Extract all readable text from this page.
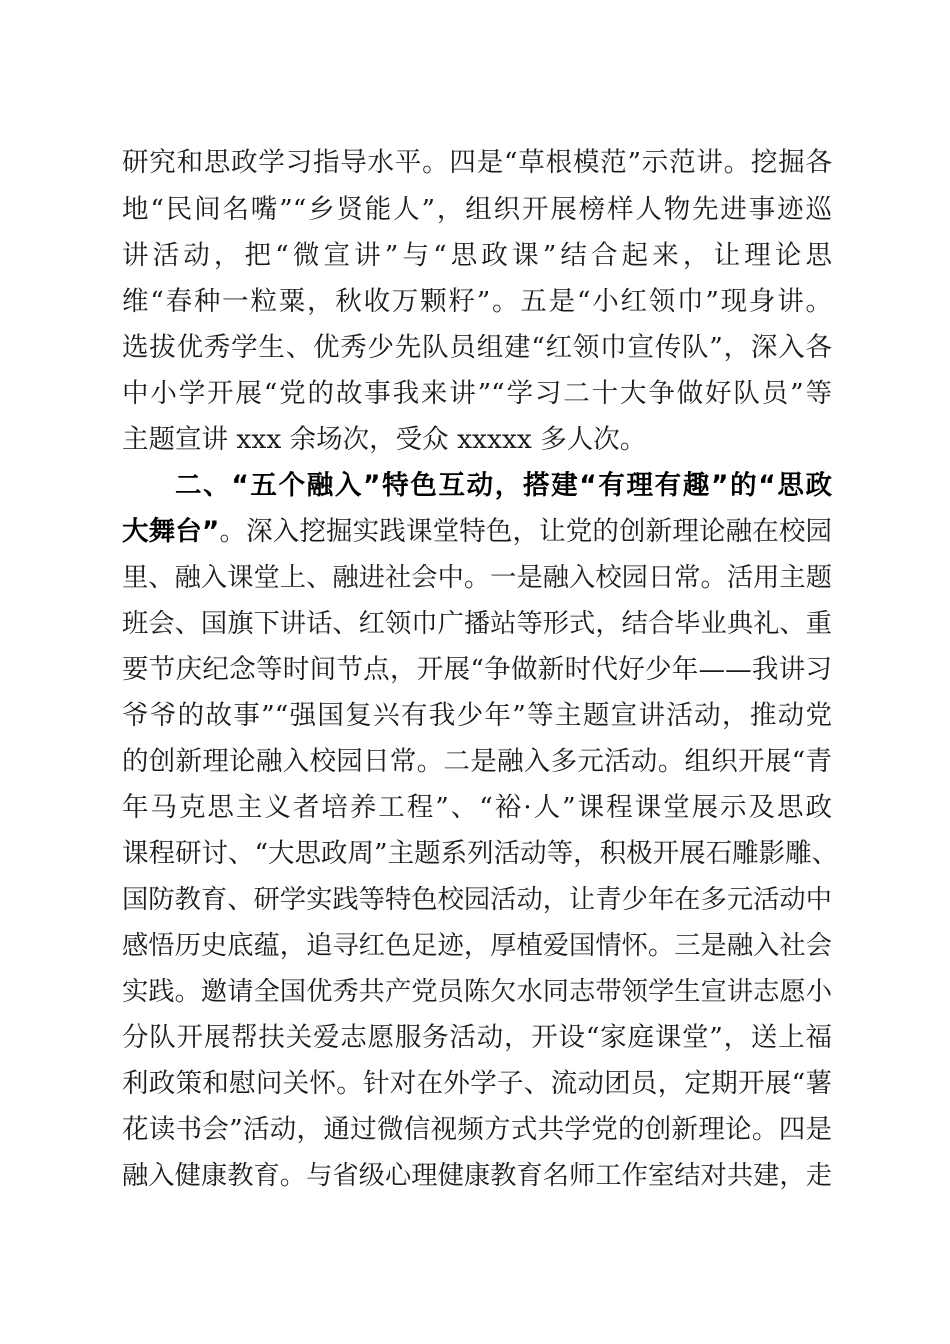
研究和思政学习指导水平。四是“草根模范”示范讲。挖掘各
地“民间名嘴”“乡贤能人”，组织开展榜样人物先进事迹巡
讲活动，把“微宣讲”与“思政课”结合起来，让理论思
维“春种一粒粟，秋收万颗籽”。五是“小红领巾”现身讲。
选拔优秀学生、优秀少先队员组建“红领巾宣传队”，深入各
中小学开展“党的故事我来讲”“学习二十大争做好队员”等
主题宣讲 xxx 余场次，受众 xxxxx 多人次。
二、“五个融入”特色互动，搭建“有理有趣”的“思政
大舞台”。深入挖掘实践课堂特色，让党的创新理论融在校园
里、融入课堂上、融进社会中。一是融入校园日常。活用主题
班会、国旗下讲话、红领巾广播站等形式，结合毕业典礼、重
要节庆纪念等时间节点，开展“争做新时代好少年——我讲习
爷爷的故事”“强国复兴有我少年”等主题宣讲活动，推动党
的创新理论融入校园日常。二是融入多元活动。组织开展“青
年马克思主义者培养工程”、“裕·人”课程课堂展示及思政
课程研讨、“大思政周”主题系列活动等，积极开展石雕影雕、
国防教育、研学实践等特色校园活动，让青少年在多元活动中
感悟历史底蕴，追寻红色足迹，厚植爱国情怀。三是融入社会
实践。邀请全国优秀共产党员陈欠水同志带领学生宣讲志愿小
分队开展帮扶关爱志愿服务活动，开设“家庭课堂”，送上福
利政策和慰问关怀。针对在外学子、流动团员，定期开展“薯
花读书会”活动，通过微信视频方式共学党的创新理论。四是
融入健康教育。与省级心理健康教育名师工作室结对共建，走
